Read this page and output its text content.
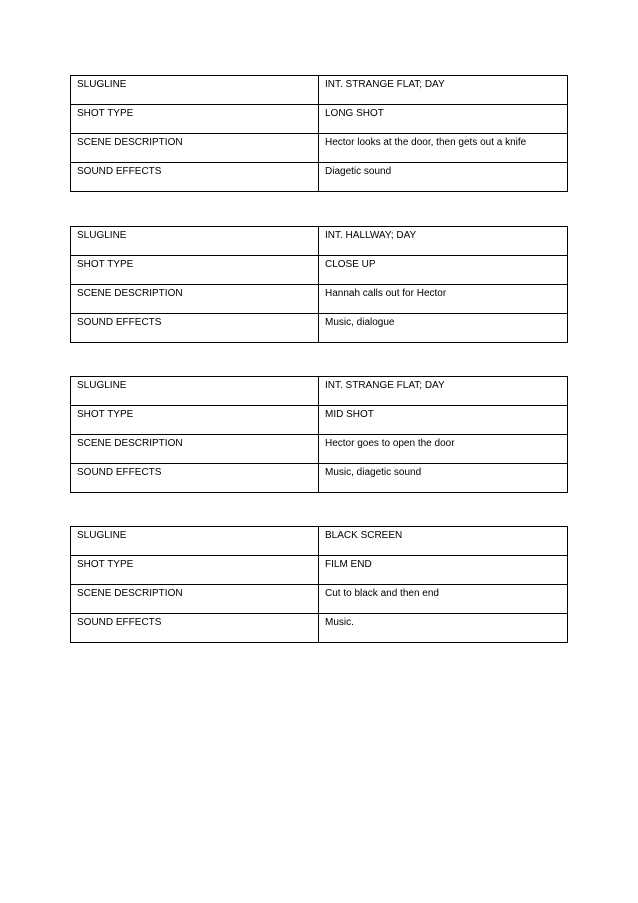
SLUGLINE	INT. STRANGE FLAT; DAY
SHOT TYPE	LONG SHOT
SCENE DESCRIPTION	Hector looks at the door, then gets out a knife
SOUND EFFECTS	Diagetic sound
SLUGLINE	INT. HALLWAY; DAY
SHOT TYPE	CLOSE UP
SCENE DESCRIPTION	Hannah calls out for Hector
SOUND EFFECTS	Music, dialogue
SLUGLINE	INT. STRANGE FLAT; DAY
SHOT TYPE	MID SHOT
SCENE DESCRIPTION	Hector goes to open the door
SOUND EFFECTS	Music, diagetic sound
SLUGLINE	BLACK SCREEN
SHOT TYPE	FILM END
SCENE DESCRIPTION	Cut to black and then end
SOUND EFFECTS	Music.
